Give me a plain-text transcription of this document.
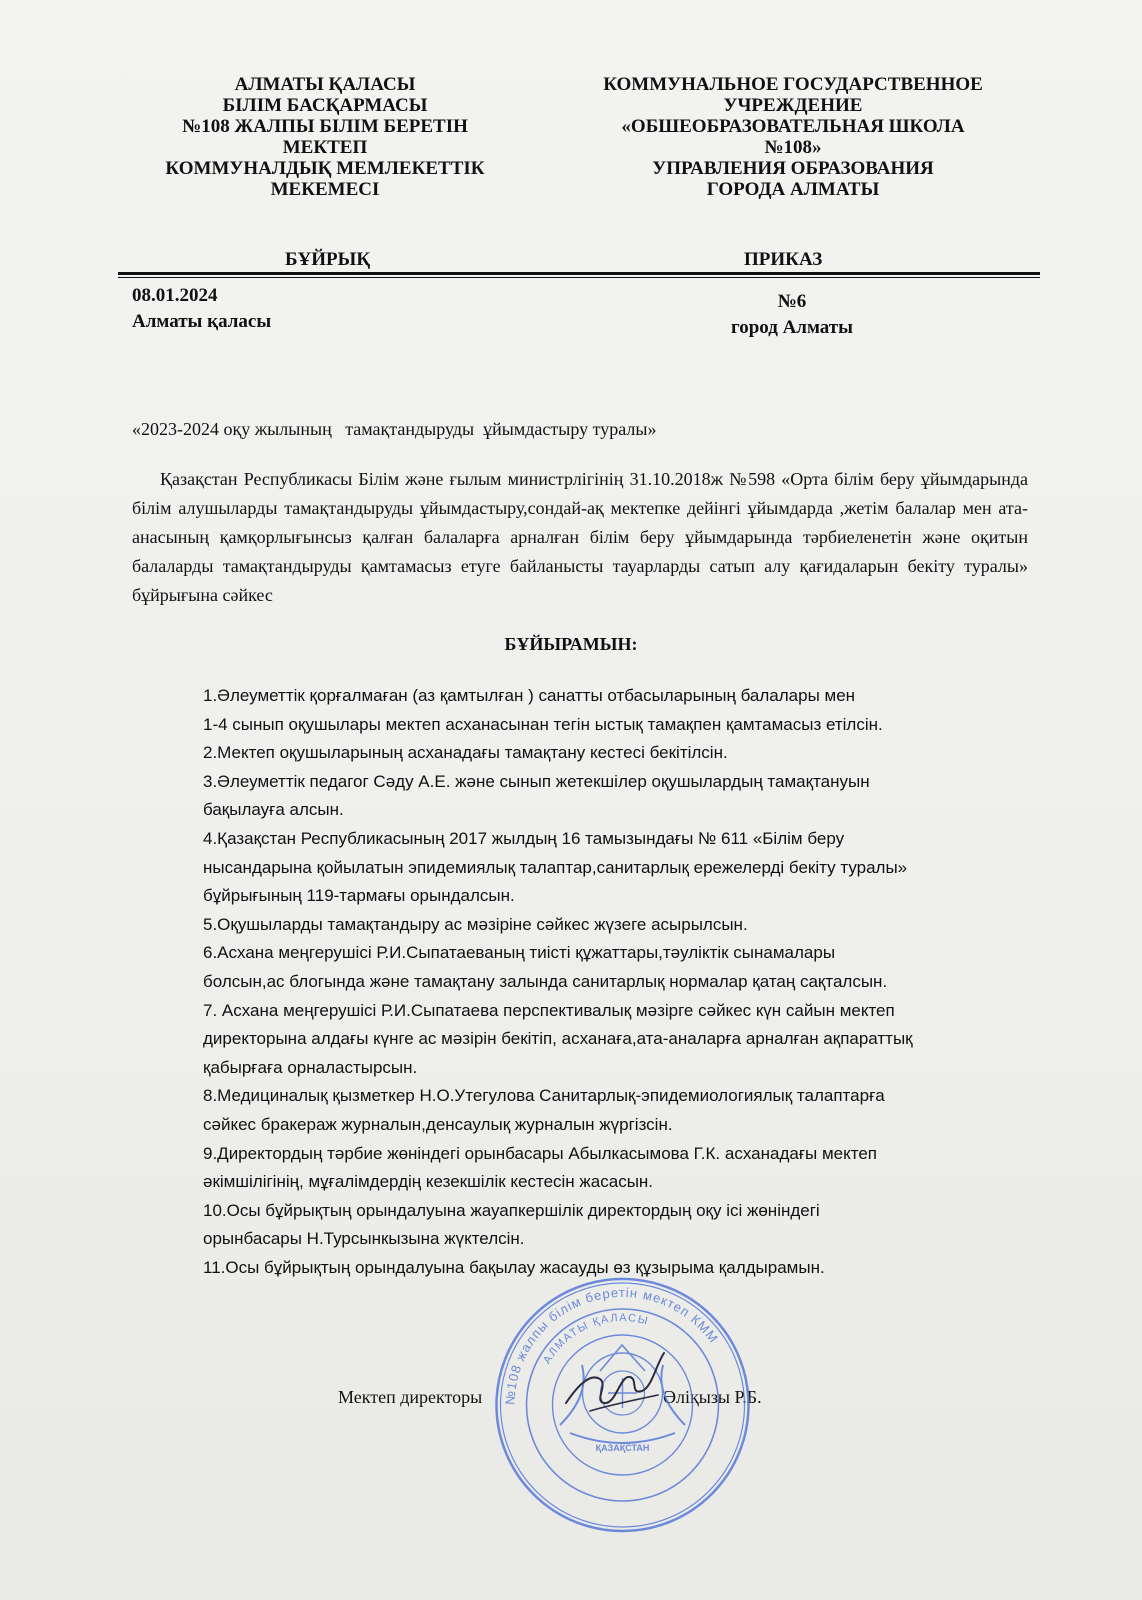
АЛМАТЫ ҚАЛАСЫ
БІЛІМ БАСҚАРМАСЫ
№108 ЖАЛПЫ БІЛІМ БЕРЕТІН
МЕКТЕП
КОММУНАЛДЫҚ МЕМЛЕКЕТТІК
МЕКЕМЕСІ
КОММУНАЛЬНОЕ ГОСУДАРСТВЕННОЕ
УЧРЕЖДЕНИЕ
«ОБШЕОБРАЗОВАТЕЛЬНАЯ ШКОЛА
№108»
УПРАВЛЕНИЯ ОБРАЗОВАНИЯ
ГОРОДА АЛМАТЫ
БҰЙРЫҚ	ПРИКАЗ
08.01.2024
Алматы қаласы
№6
город Алматы
«2023-2024 оқу жылының   тамақтандыруды  ұйымдастыру туралы»
Қазақстан Республикасы Білім және ғылым министрлігінің 31.10.2018ж №598 «Орта білім беру ұйымдарында білім алушыларды тамақтандыруды ұйымдастыру,сондай-ақ мектепке дейінгі ұйымдарда ,жетім балалар мен ата-анасының қамқорлығынсыз қалған балаларға арналған білім беру ұйымдарында тәрбиеленетін және оқитын балаларды тамақтандыруды қамтамасыз етуге байланысты тауарларды сатып алу қағидаларын бекіту туралы» бұйрығына сәйкес
БҰЙЫРАМЫН:
1.Әлеуметтік қорғалмаған (аз қамтылған ) санатты отбасыларының балалары мен
1-4 сынып оқушылары мектеп асханасынан тегін ыстық тамақпен қамтамасыз етілсін.
2.Мектеп оқушыларының асханадағы тамақтану кестесі бекітілсін.
3.Әлеуметтік педагог Сәду А.Е. және сынып жетекшілер оқушылардың тамақтануын
бақылауға алсын.
4.Қазақстан Республикасының 2017 жылдың 16 тамызындағы № 611 «Білім беру
нысандарына қойылатын эпидемиялық талаптар,санитарлық ережелерді бекіту туралы»
бұйрығының 119-тармағы орындалсын.
5.Оқушыларды тамақтандыру ас мәзіріне сәйкес жүзеге асырылсын.
6.Асхана меңгерушісі Р.И.Сыпатаеваның тиісті құжаттары,тәуліктік сынамалары
болсын,ас блогында және тамақтану залында санитарлық нормалар қатаң сақталсын.
7. Асхана меңгерушісі Р.И.Сыпатаева перспективалық мәзірге сәйкес күн сайын мектеп
директорына алдағы күнге ас мәзірін бекітіп, асханаға,ата-аналарға арналған ақпараттық
қабырғаға орналастырсын.
8.Медициналық қызметкер Н.О.Утегулова Санитарлық-эпидемиологиялық талаптарға
сәйкес бракераж журналын,денсаулық журналын жүргізсін.
9.Директордың тәрбие жөніндегі орынбасары Абылкасымова Г.К. асханадағы мектеп
әкімшілігінің, мұғалімдердің кезекшілік кестесін жасасын.
10.Осы бұйрықтың орындалуына жауапкершілік директордың оқу ісі жөніндегі
орынбасары Н.Турсынкызына жүктелсін.
11.Осы бұйрықтың орындалуына бақылау жасауды өз құзырыма қалдырамын.
Мектеп директоры	Әліқызы Р.Б.
№108 жалпы білім беретін мектеп КММ
АЛМАТЫ ҚАЛАСЫ
ҚАЗАҚСТАН
